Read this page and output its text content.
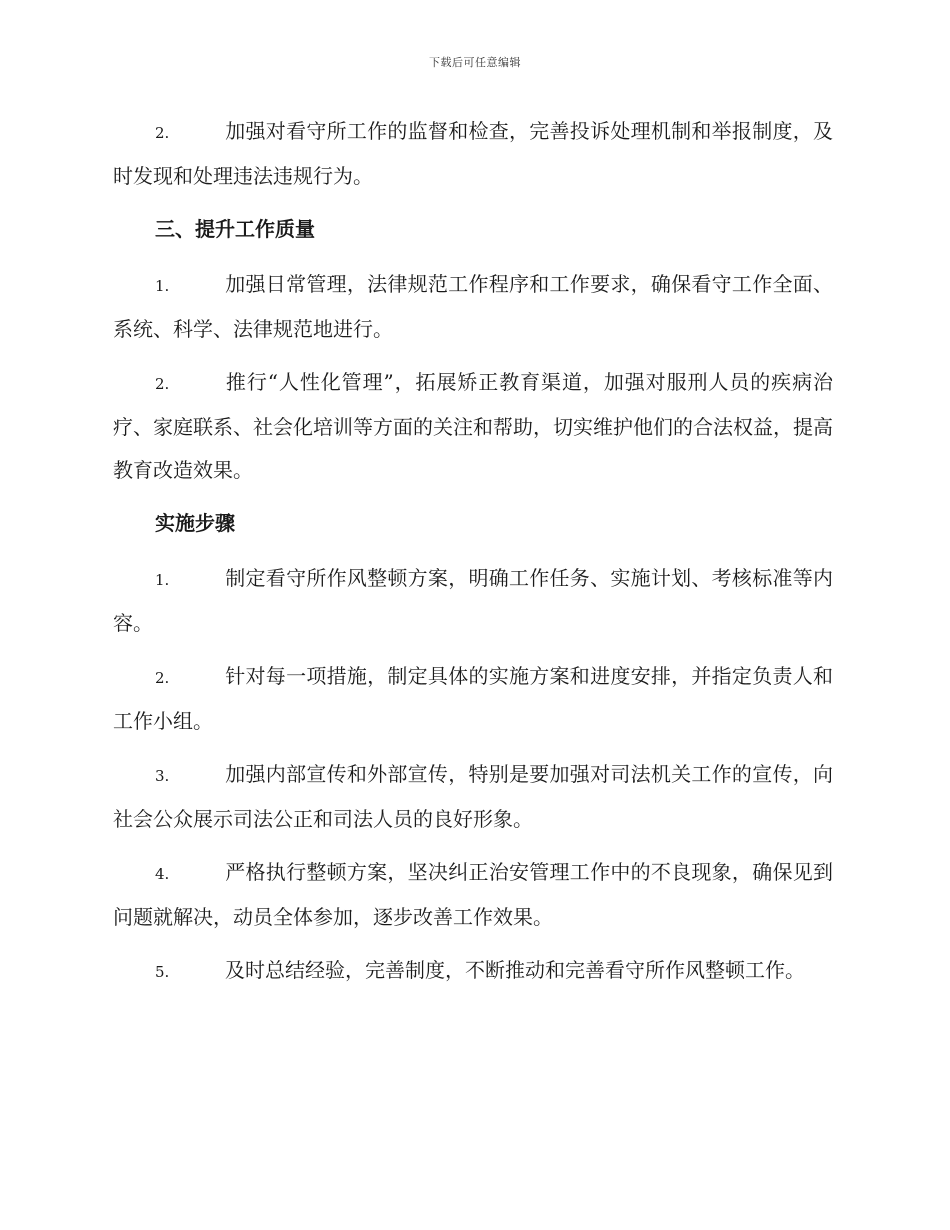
下载后可任意编辑

2.	加强对看守所工作的监督和检查，完善投诉处理机制和举报制度，及时发现和处理违法违规行为。

三、提升工作质量

1.	加强日常管理，法律规范工作程序和工作要求，确保看守工作全面、系统、科学、法律规范地进行。

2.	推行“人性化管理”，拓展矫正教育渠道，加强对服刑人员的疾病治疗、家庭联系、社会化培训等方面的关注和帮助，切实维护他们的合法权益，提高教育改造效果。

实施步骤

1.	制定看守所作风整顿方案，明确工作任务、实施计划、考核标准等内容。

2.	针对每一项措施，制定具体的实施方案和进度安排，并指定负责人和工作小组。

3.	加强内部宣传和外部宣传，特别是要加强对司法机关工作的宣传，向社会公众展示司法公正和司法人员的良好形象。

4.	严格执行整顿方案，坚决纠正治安管理工作中的不良现象，确保见到问题就解决，动员全体参加，逐步改善工作效果。

5.	及时总结经验，完善制度，不断推动和完善看守所作风整顿工作。
